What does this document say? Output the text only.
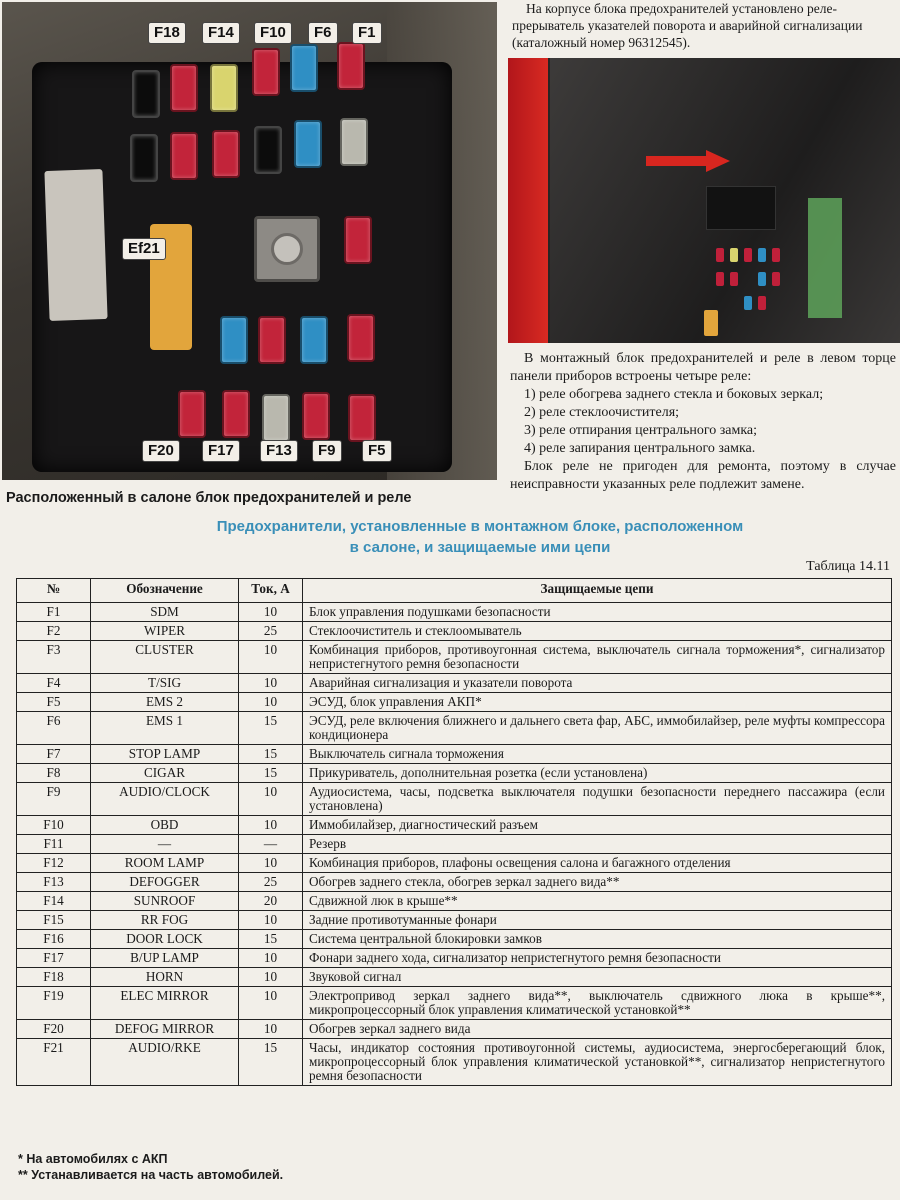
F18	F14	F10	F6	F1
Ef21
F20	F17	F13	F9	F5
На корпусе блока предохранителей установлено реле-прерыватель указателей поворота и аварийной сигнализации (каталожный номер 96312545).

В монтажный блок предохранителей и реле в левом торце панели приборов встроены четыре реле:

1) реле обогрева заднего стекла и боковых зеркал;
2) реле стеклоочистителя;
3) реле отпирания центрального замка;
4) реле запирания центрального замка.

Блок реле не пригоден для ремонта, поэтому в случае неисправности указанных реле подлежит замене.

Расположенный в салоне блок предохранителей и реле
Предохранители, установленные в монтажном блоке, расположенном
в салоне, и защищаемые ими цепи
Таблица 14.11
№	Обозначение	Ток, А	Защищаемые цепи
F1	SDM	10	Блок управления подушками безопасности
F2	WIPER	25	Стеклоочиститель и стеклоомыватель
F3	CLUSTER	10	Комбинация приборов, противоугонная система, выключатель сигнала торможения*, сигнализатор непристегнутого ремня безопасности
F4	T/SIG	10	Аварийная сигнализация и указатели поворота
F5	EMS 2	10	ЭСУД, блок управления АКП*
F6	EMS 1	15	ЭСУД, реле включения ближнего и дальнего света фар, АБС, иммобилайзер, реле муфты компрессора кондиционера
F7	STOP LAMP	15	Выключатель сигнала торможения
F8	CIGAR	15	Прикуриватель, дополнительная розетка (если установлена)
F9	AUDIO/CLOCK	10	Аудиосистема, часы, подсветка выключателя подушки безопасности переднего пассажира (если установлена)
F10	OBD	10	Иммобилайзер, диагностический разъем
F11	—	—	Резерв
F12	ROOM LAMP	10	Комбинация приборов, плафоны освещения салона и багажного отделения
F13	DEFOGGER	25	Обогрев заднего стекла, обогрев зеркал заднего вида**
F14	SUNROOF	20	Сдвижной люк в крыше**
F15	RR FOG	10	Задние противотуманные фонари
F16	DOOR LOCK	15	Система центральной блокировки замков
F17	B/UP LAMP	10	Фонари заднего хода, сигнализатор непристегнутого ремня безопасности
F18	HORN	10	Звуковой сигнал
F19	ELEC MIRROR	10	Электропривод зеркал заднего вида**, выключатель сдвижного люка в крыше**, микропроцессорный блок управления климатической установкой**
F20	DEFOG MIRROR	10	Обогрев зеркал заднего вида
F21	AUDIO/RKE	15	Часы, индикатор состояния противоугонной системы, аудиосистема, энергосберегающий блок, микропроцессорный блок управления климатической установкой**, сигнализатор непристегнутого ремня безопасности
* На автомобилях с АКП
** Устанавливается на часть автомобилей.
